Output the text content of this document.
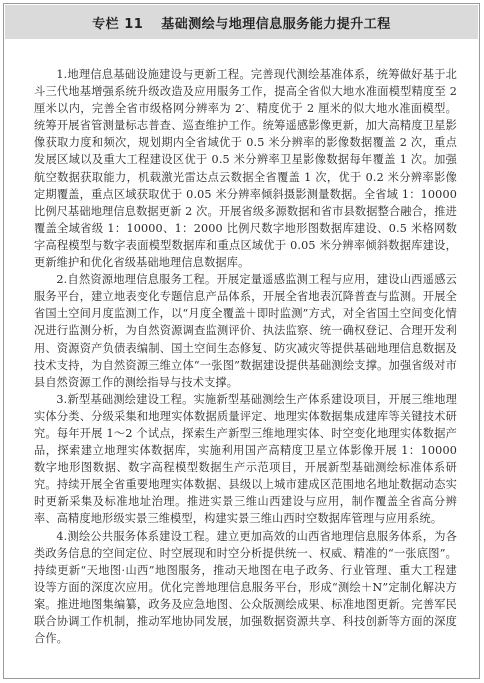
专栏 11 基础测绘与地理信息服务能力提升工程

1.地理信息基础设施建设与更新工程。完善现代测绘基准体系，统筹做好基于北斗三代地基增强系统升级改造及应用服务工作，提高全省似大地水准面模型精度至 2 厘米以内，完善全省市级格网分辨率为 2′、精度优于 2 厘米的似大地水准面模型。统筹开展省管测量标志普查、巡查维护工作。统筹遥感影像更新，加大高精度卫星影像获取力度和频次，规划期内全省域优于 0.5 米分辨率的影像数据覆盖 2 次，重点发展区域以及重大工程建设区优于 0.5 米分辨率卫星影像数据每年覆盖 1 次。加强航空数据获取能力，机载激光雷达点云数据全省覆盖 1 次，优于 0.2 米分辨率影像定期覆盖，重点区域获取优于 0.05 米分辨率倾斜摄影测量数据。全省域 1：10000 比例尺基础地理信息数据更新 2 次。开展省级多源数据和省市县数据整合融合，推进覆盖全域省级 1：10000、1：2000 比例尺数字地形图数据库建设、0.5 米格网数字高程模型与数字表面模型数据库和重点区域优于 0.05 米分辨率倾斜数据库建设，更新维护和优化省级基础地理信息数据库。

2.自然资源地理信息服务工程。开展定量遥感监测工程与应用，建设山西遥感云服务平台，建立地表变化专题信息产品体系，开展全省地表沉降普查与监测。开展全省国土空间月度监测工作，以“月度全覆盖＋即时监测”方式，对全省国土空间变化情况进行监测分析，为自然资源调查监测评价、执法监察、统一确权登记、合理开发利用、资源资产负债表编制、国土空间生态修复、防灾减灾等提供基础地理信息数据及技术支持，为自然资源三维立体“一张图”数据建设提供基础测绘支撑。加强省级对市县自然资源工作的测绘指导与技术支撑。

3.新型基础测绘建设工程。实施新型基础测绘生产体系建设项目，开展三维地理实体分类、分级采集和地理实体数据质量评定、地理实体数据集成建库等关键技术研究。每年开展 1～2 个试点，探索生产新型三维地理实体、时空变化地理实体数据产品，探索建立地理实体数据库，实施利用国产高精度卫星立体影像开展 1：10000 数字地形图数据、数字高程模型数据生产示范项目，开展新型基础测绘标准体系研究。持续开展全省重要地理实体数据、县级以上城市建成区范围地名地址数据动态实时更新采集及标准地址治理。推进实景三维山西建设与应用，制作覆盖全省高分辨率、高精度地形级实景三维模型，构建实景三维山西时空数据库管理与应用系统。

4.测绘公共服务体系建设工程。建立更加高效的山西省地理信息服务体系，为各类政务信息的空间定位、时空展现和时空分析提供统一、权威、精准的“一张底图”。持续更新“天地图·山西”地图服务，推动天地图在电子政务、行业管理、重大工程建设等方面的深度次应用。优化完善地理信息服务平台，形成“测绘＋N”定制化解决方案。推进地图集编纂，政务及应急地图、公众版测绘成果、标准地图更新。完善军民联合协调工作机制，推动军地协同发展，加强数据资源共享、科技创新等方面的深度合作。
